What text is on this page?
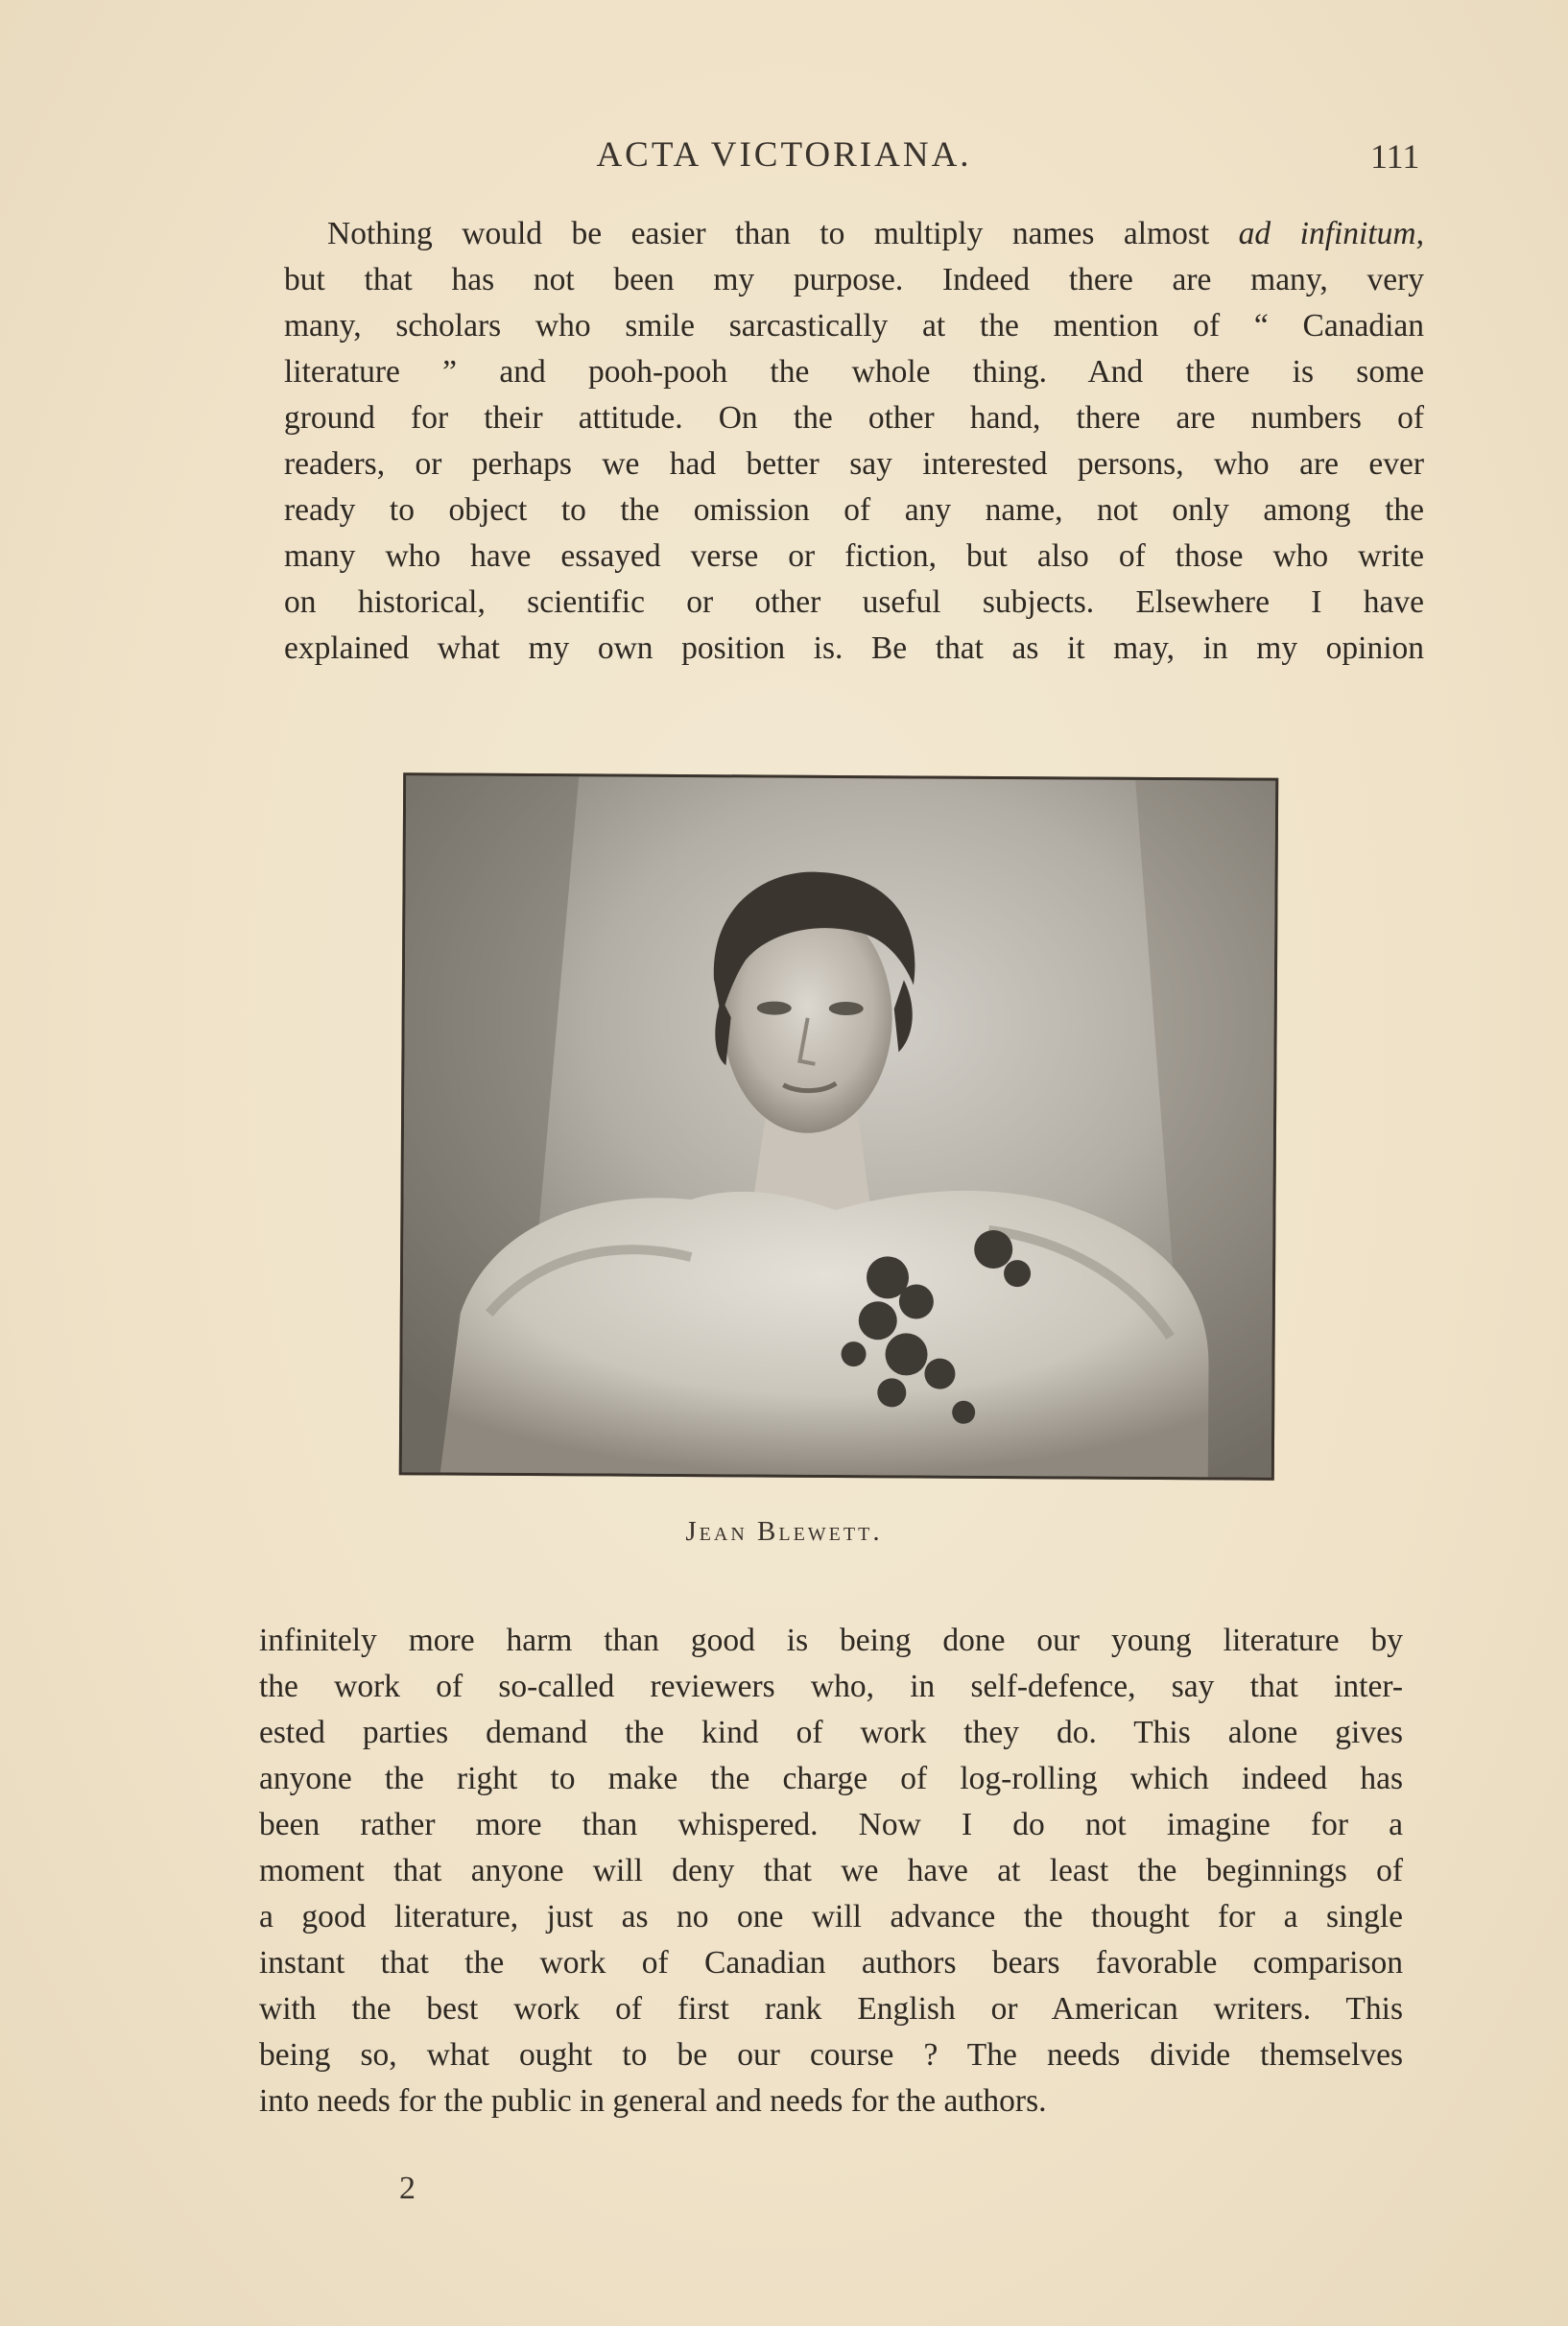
ACTA VICTORIANA.	111
Nothing would be easier than to multiply names almost ad infinitum,
but that has not been my purpose. Indeed there are many, very
many, scholars who smile sarcastically at the mention of “ Canadian
literature ” and pooh-pooh the whole thing. And there is some
ground for their attitude. On the other hand, there are numbers of
readers, or perhaps we had better say interested persons, who are ever
ready to object to the omission of any name, not only among the
many who have essayed verse or fiction, but also of those who write
on historical, scientific or other useful subjects. Elsewhere I have
explained what my own position is. Be that as it may, in my opinion
Jean Blewett.
infinitely more harm than good is being done our young literature by
the work of so-called reviewers who, in self-defence, say that inter-
ested parties demand the kind of work they do. This alone gives
anyone the right to make the charge of log-rolling which indeed has
been rather more than whispered. Now I do not imagine for a
moment that anyone will deny that we have at least the beginnings of
a good literature, just as no one will advance the thought for a single
instant that the work of Canadian authors bears favorable comparison
with the best work of first rank English or American writers. This
being so, what ought to be our course ? The needs divide themselves
into needs for the public in general and needs for the authors.
2
